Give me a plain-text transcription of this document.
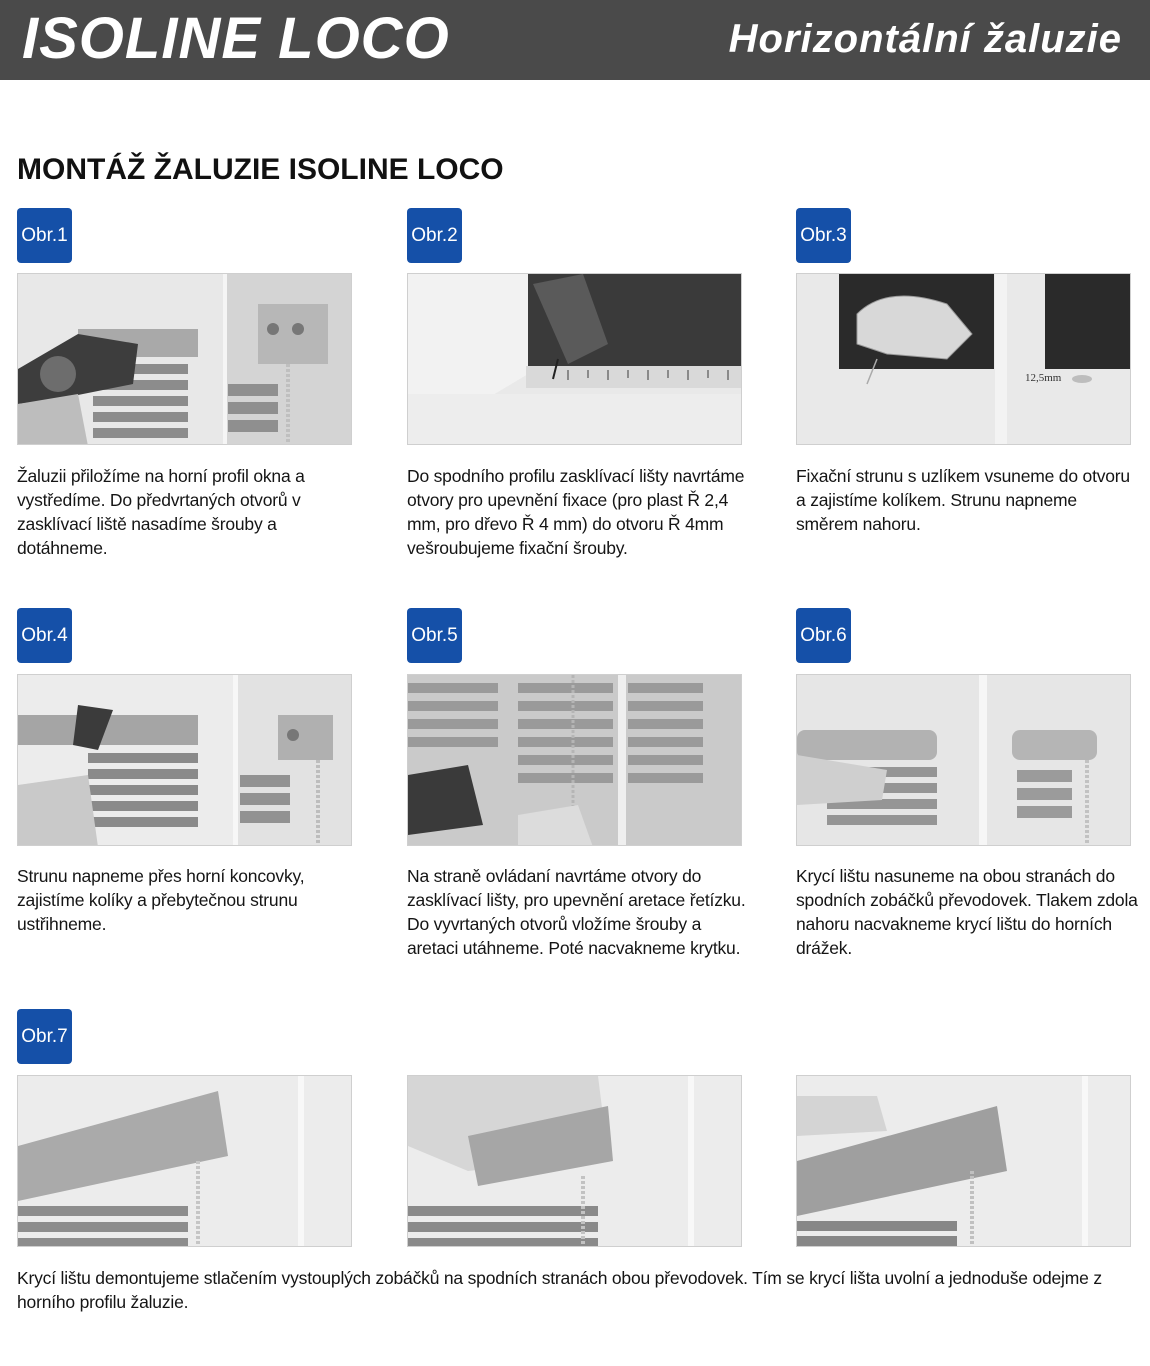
ISOLINE LOCO	Horizontální žaluzie
MONTÁŽ ŽALUZIE ISOLINE LOCO
Obr.1	Obr.2	Obr.3
12,5mm
Žaluzii přiložíme na horní profil okna a vystředíme. Do předvrtaných otvorů v zasklívací liště nasadíme šrouby a dotáhneme.
Do spodního profilu zasklívací lišty navrtáme otvory pro upevnění fixace (pro plast Ř 2,4 mm, pro dřevo Ř 4 mm) do otvoru Ř 4mm vešroubujeme fixační šrouby.
Fixační strunu s uzlíkem vsuneme do otvoru a zajistíme kolíkem. Strunu napneme směrem nahoru.
Obr.4	Obr.5	Obr.6
Strunu napneme přes horní koncovky, zajistíme kolíky a přebytečnou strunu ustřihneme.
Na straně ovládaní navrtáme otvory do zasklívací lišty, pro upevnění aretace řetízku. Do vyvrtaných otvorů vložíme šrouby a aretaci utáhneme. Poté nacvakneme krytku.
Krycí lištu nasuneme na obou stranách do spodních zobáčků převodovek. Tlakem zdola nahoru nacvakneme krycí lištu do horních drážek.
Obr.7
Krycí lištu demontujeme stlačením vystouplých zobáčků na spodních stranách obou převodovek. Tím se krycí lišta uvolní a jednoduše odejme z horního profilu žaluzie.
